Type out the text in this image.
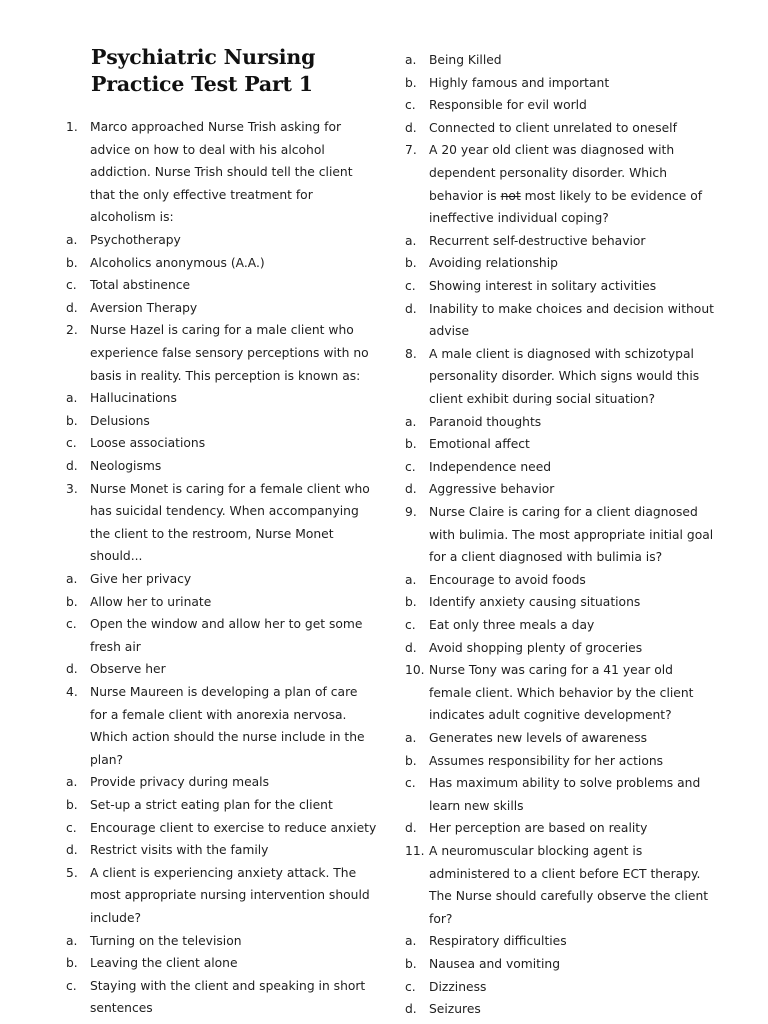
Psychiatric Nursing
Practice Test Part 1
1. Marco approached Nurse Trish asking for
advice on how to deal with his alcohol
addiction. Nurse Trish should tell the client
that the only effective treatment for
alcoholism is:
a. Psychotherapy
b. Alcoholics anonymous (A.A.)
c. Total abstinence
d. Aversion Therapy
2. Nurse Hazel is caring for a male client who
experience false sensory perceptions with no
basis in reality. This perception is known as:
a. Hallucinations
b. Delusions
c. Loose associations
d. Neologisms
3. Nurse Monet is caring for a female client who
has suicidal tendency. When accompanying
the client to the restroom, Nurse Monet
should...
a. Give her privacy
b. Allow her to urinate
c. Open the window and allow her to get some
fresh air
d. Observe her
4. Nurse Maureen is developing a plan of care
for a female client with anorexia nervosa.
Which action should the nurse include in the
plan?
a. Provide privacy during meals
b. Set-up a strict eating plan for the client
c. Encourage client to exercise to reduce anxiety
d. Restrict visits with the family
5. A client is experiencing anxiety attack. The
most appropriate nursing intervention should
include?
a. Turning on the television
b. Leaving the client alone
c. Staying with the client and speaking in short
sentences
a. Being Killed
b. Highly famous and important
c. Responsible for evil world
d. Connected to client unrelated to oneself
7. A 20 year old client was diagnosed with
dependent personality disorder. Which
behavior is not most likely to be evidence of
ineffective individual coping?
a. Recurrent self-destructive behavior
b. Avoiding relationship
c. Showing interest in solitary activities
d. Inability to make choices and decision without
advise
8. A male client is diagnosed with schizotypal
personality disorder. Which signs would this
client exhibit during social situation?
a. Paranoid thoughts
b. Emotional affect
c. Independence need
d. Aggressive behavior
9. Nurse Claire is caring for a client diagnosed
with bulimia. The most appropriate initial goal
for a client diagnosed with bulimia is?
a. Encourage to avoid foods
b. Identify anxiety causing situations
c. Eat only three meals a day
d. Avoid shopping plenty of groceries
10. Nurse Tony was caring for a 41 year old
female client. Which behavior by the client
indicates adult cognitive development?
a. Generates new levels of awareness
b. Assumes responsibility for her actions
c. Has maximum ability to solve problems and
learn new skills
d. Her perception are based on reality
11. A neuromuscular blocking agent is
administered to a client before ECT therapy.
The Nurse should carefully observe the client
for?
a. Respiratory difficulties
b. Nausea and vomiting
c. Dizziness
d. Seizures
